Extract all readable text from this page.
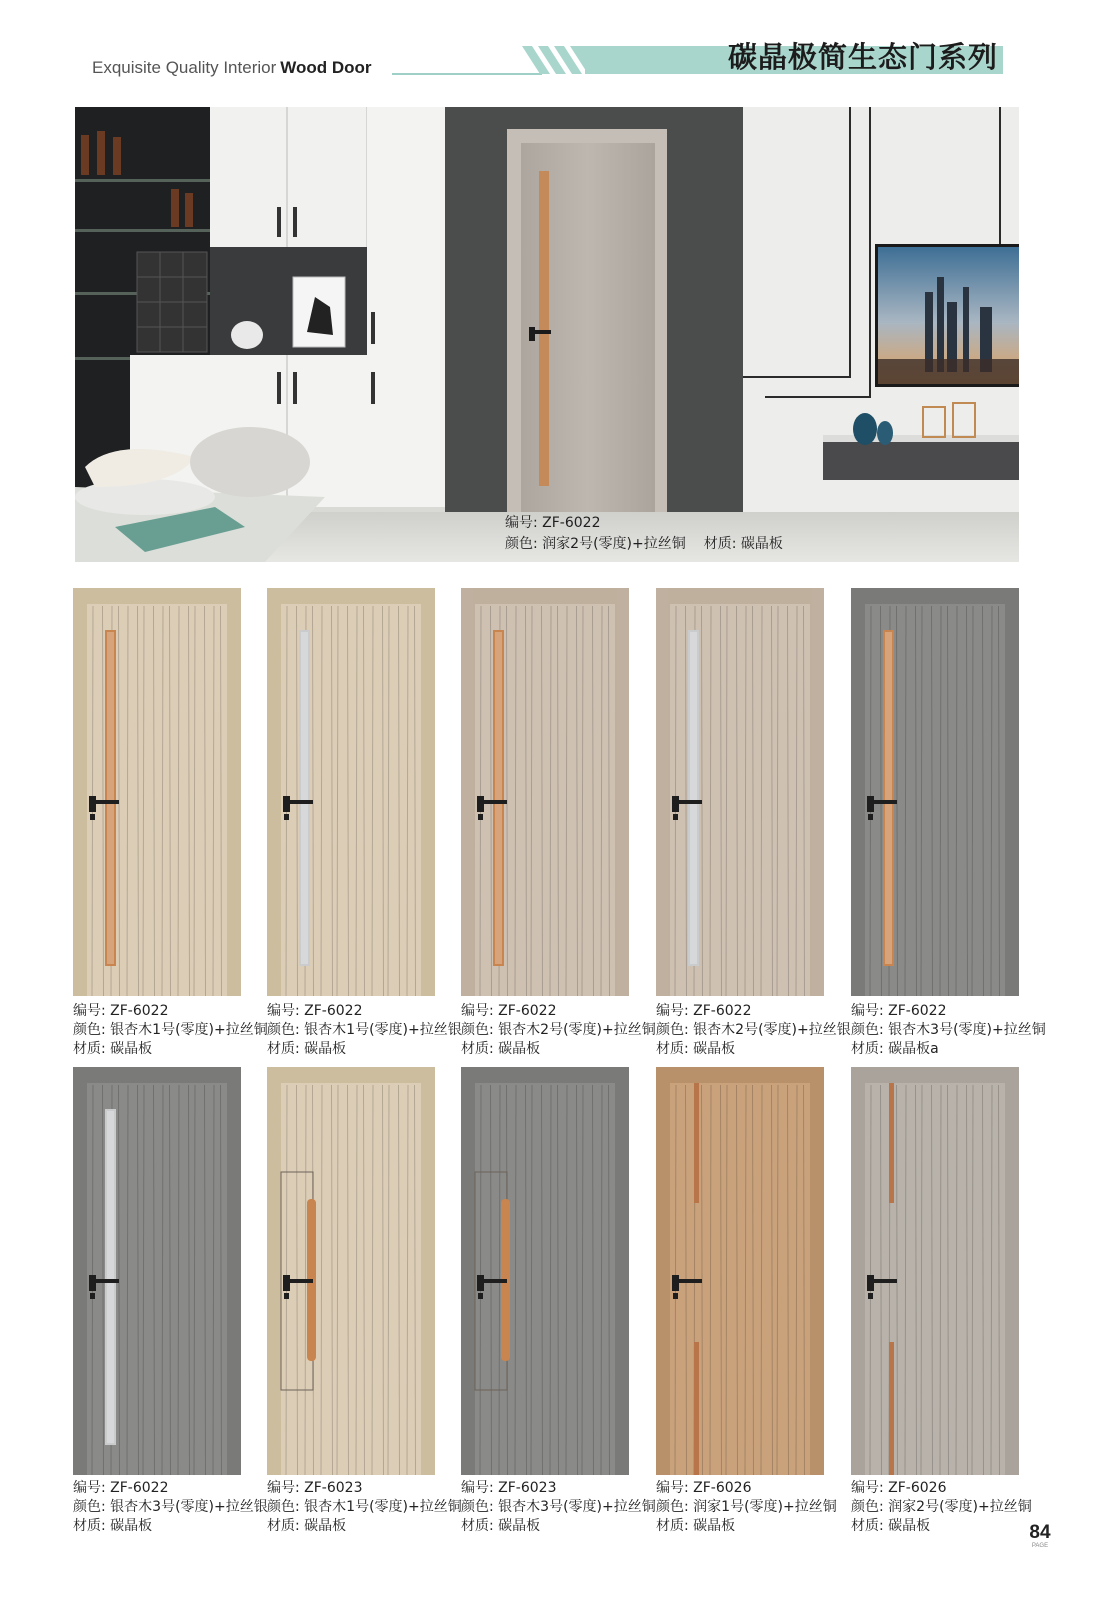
Exquisite Quality Interior Wood Door	碳晶极简生态门系列
编号: ZF-6022
颜色: 润家2号(零度)+拉丝铜 材质: 碳晶板
编号: ZF-6022
颜色: 银杏木1号(零度)+拉丝铜
材质: 碳晶板
编号: ZF-6022
颜色: 银杏木1号(零度)+拉丝银
材质: 碳晶板
编号: ZF-6022
颜色: 银杏木2号(零度)+拉丝铜
材质: 碳晶板
编号: ZF-6022
颜色: 银杏木2号(零度)+拉丝银
材质: 碳晶板
编号: ZF-6022
颜色: 银杏木3号(零度)+拉丝铜
材质: 碳晶板a
编号: ZF-6022
颜色: 银杏木3号(零度)+拉丝银
材质: 碳晶板
编号: ZF-6023
颜色: 银杏木1号(零度)+拉丝铜
材质: 碳晶板
编号: ZF-6023
颜色: 银杏木3号(零度)+拉丝铜
材质: 碳晶板
编号: ZF-6026
颜色: 润家1号(零度)+拉丝铜
材质: 碳晶板
编号: ZF-6026
颜色: 润家2号(零度)+拉丝铜
材质: 碳晶板	84
PAGE
